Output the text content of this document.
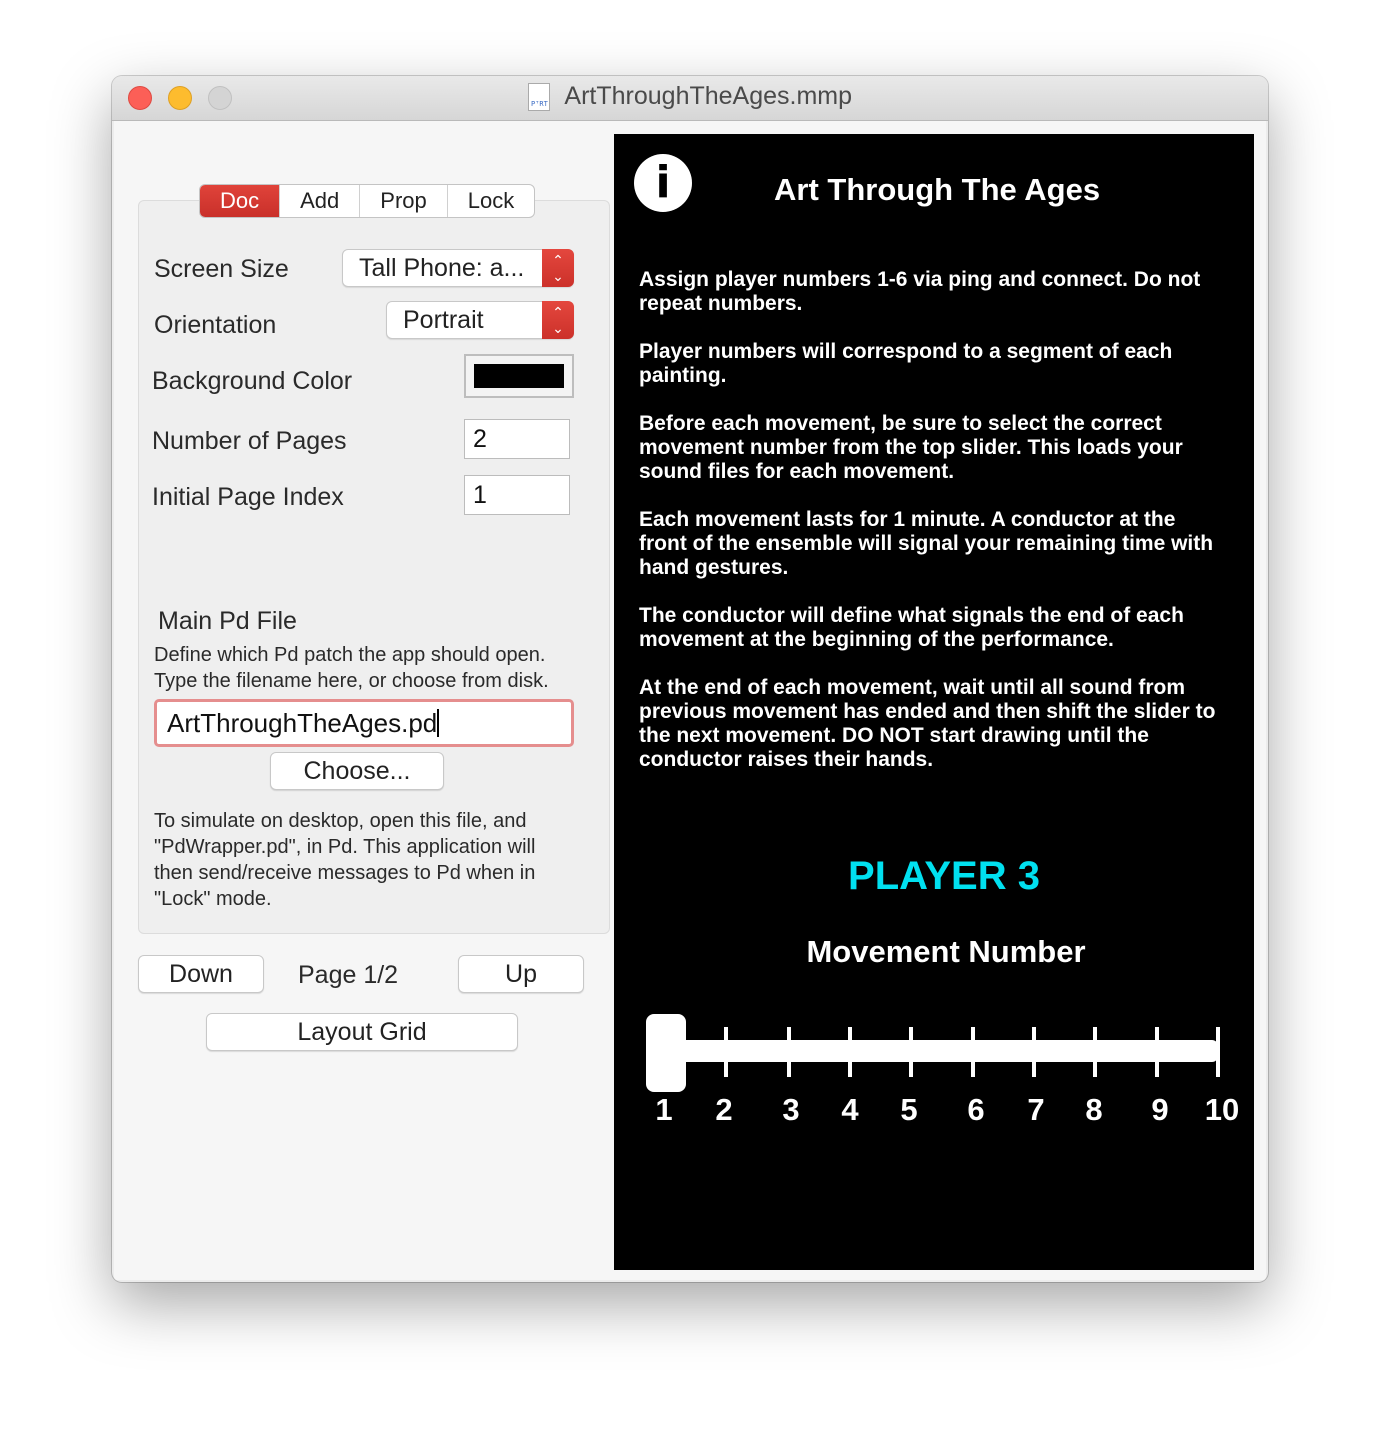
PᵀRT ArtThroughTheAges.mmp
Doc	Add	Prop	Lock
Screen Size	Tall Phone: a...	⌃
⌄
Orientation	Portrait	⌃
⌄
Background Color
Number of Pages	2
Initial Page Index	1
Main Pd File
Define which Pd patch the app should open.
Type the filename here, or choose from disk.
ArtThroughTheAges.pd
Choose...
To simulate on desktop, open this file, and
"PdWrapper.pd", in Pd. This application will
then send/receive messages to Pd when in
"Lock" mode.
Down	Page 1/2	Up
Layout Grid
i	Art Through The Ages
Assign player numbers 1-6 via ping and connect. Do not repeat numbers.
Player numbers will correspond to a segment of each painting.
Before each movement, be sure to select the correct movement number from the top slider. This loads your sound files for each movement.
Each movement lasts for 1 minute. A conductor at the front of the ensemble will signal your remaining time with hand gestures.
The conductor will define what signals the end of each movement at the beginning of the performance.
At the end of each movement, wait until all sound from previous movement has ended and then shift the slider to the next movement. DO NOT start drawing until the conductor raises their hands.
PLAYER 3
Movement Number
1	2	3	4	5	6	7	8	9	10
